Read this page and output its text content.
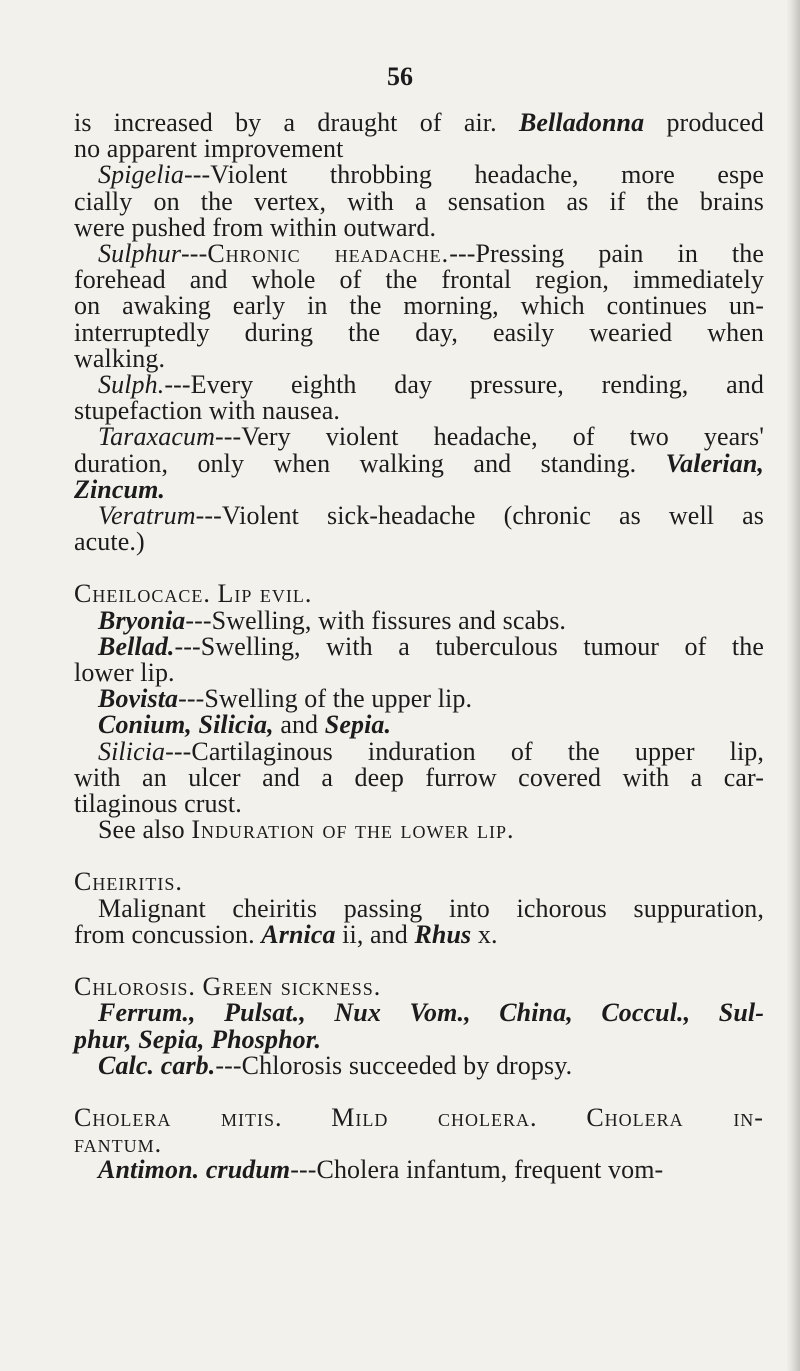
56
is increased by a draught of air. Belladonna produced
no apparent improvement
Spigelia---Violent throbbing headache, more espe
cially on the vertex, with a sensation as if the brains
were pushed from within outward.
Sulphur---Chronic headache.---Pressing pain in the
forehead and whole of the frontal region, immediately
on awaking early in the morning, which continues un-
interruptedly during the day, easily wearied when
walking.
Sulph.---Every eighth day pressure, rending, and
stupefaction with nausea.
Taraxacum---Very violent headache, of two years'
duration, only when walking and standing. Valerian,
Zincum.
Veratrum---Violent sick-headache (chronic as well as
acute.)
Cheilocace. Lip evil.
Bryonia---Swelling, with fissures and scabs.
Bellad.---Swelling, with a tuberculous tumour of the
lower lip.
Bovista---Swelling of the upper lip.
Conium, Silicia, and Sepia.
Silicia---Cartilaginous induration of the upper lip,
with an ulcer and a deep furrow covered with a car-
tilaginous crust.
See also Induration of the lower lip.
Cheiritis.
Malignant cheiritis passing into ichorous suppuration,
from concussion. Arnica ii, and Rhus x.
Chlorosis. Green sickness.
Ferrum., Pulsat., Nux Vom., China, Coccul., Sul-
phur, Sepia, Phosphor.
Calc. carb.---Chlorosis succeeded by dropsy.
Cholera mitis. Mild cholera. Cholera in-
fantum.
Antimon. crudum---Cholera infantum, frequent vom-
